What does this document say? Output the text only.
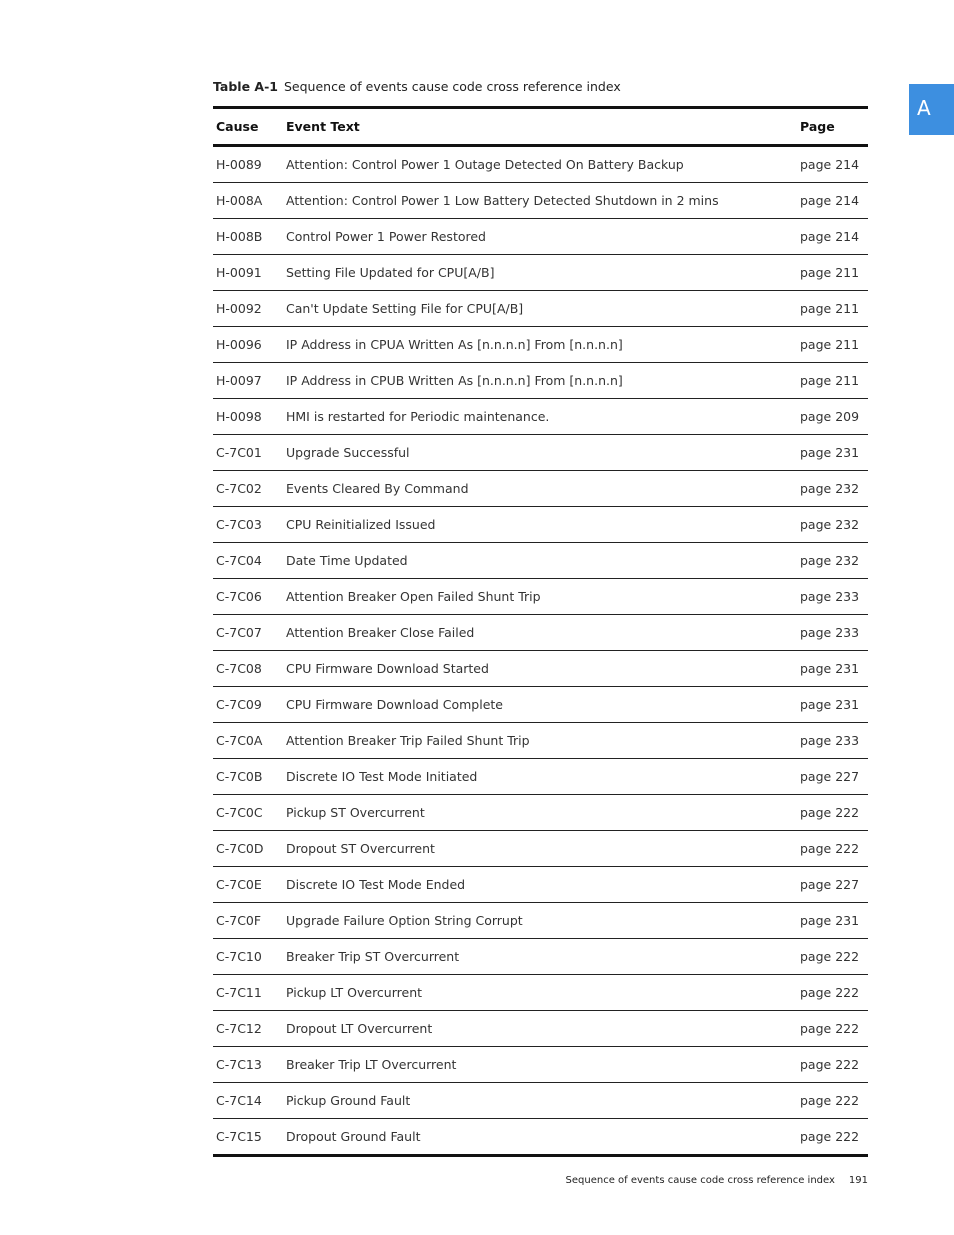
Table A-1 Sequence of events cause code cross reference index
A
Cause	Event Text	Page
H-0089	Attention: Control Power 1 Outage Detected On Battery Backup	page 214
H-008A	Attention: Control Power 1 Low Battery Detected Shutdown in 2 mins	page 214
H-008B	Control Power 1 Power Restored	page 214
H-0091	Setting File Updated for CPU[A/B]	page 211
H-0092	Can't Update Setting File for CPU[A/B]	page 211
H-0096	IP Address in CPUA Written As [n.n.n.n] From [n.n.n.n]	page 211
H-0097	IP Address in CPUB Written As [n.n.n.n] From [n.n.n.n]	page 211
H-0098	HMI is restarted for Periodic maintenance.	page 209
C-7C01	Upgrade Successful	page 231
C-7C02	Events Cleared By Command	page 232
C-7C03	CPU Reinitialized Issued	page 232
C-7C04	Date Time Updated	page 232
C-7C06	Attention Breaker Open Failed Shunt Trip	page 233
C-7C07	Attention Breaker Close Failed	page 233
C-7C08	CPU Firmware Download Started	page 231
C-7C09	CPU Firmware Download Complete	page 231
C-7C0A	Attention Breaker Trip Failed Shunt Trip	page 233
C-7C0B	Discrete IO Test Mode Initiated	page 227
C-7C0C	Pickup ST Overcurrent	page 222
C-7C0D	Dropout ST Overcurrent	page 222
C-7C0E	Discrete IO Test Mode Ended	page 227
C-7C0F	Upgrade Failure Option String Corrupt	page 231
C-7C10	Breaker Trip ST Overcurrent	page 222
C-7C11	Pickup LT Overcurrent	page 222
C-7C12	Dropout LT Overcurrent	page 222
C-7C13	Breaker Trip LT Overcurrent	page 222
C-7C14	Pickup Ground Fault	page 222
C-7C15	Dropout Ground Fault	page 222
Sequence of events cause code cross reference index 191
